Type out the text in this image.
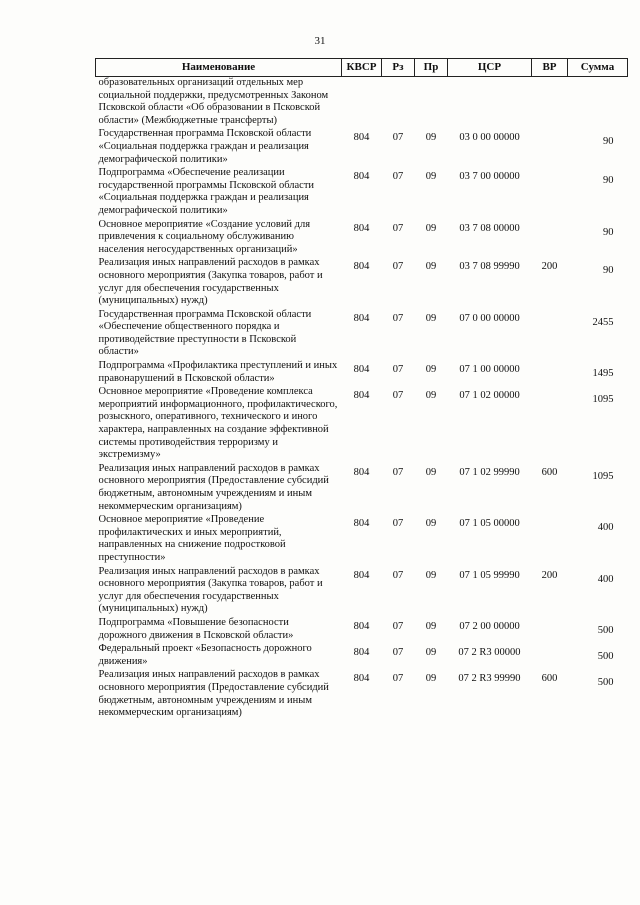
31
Наименование	КВСР	Рз	Пр	ЦСР	ВР	Сумма
образовательных организаций отдельных мер социальной поддержки, предусмотренных Законом Псковской области «Об образовании в Псковской области» (Межбюджетные трансферты)						
Государственная программа Псковской области «Социальная поддержка граждан и реализация демографической политики»	804	07	09	03 0 00 00000		90
Подпрограмма «Обеспечение реализации государственной программы Псковской области «Социальная поддержка граждан и реализация демографической политики»	804	07	09	03 7 00 00000		90
Основное мероприятие «Создание условий для привлечения к социальному обслуживанию населения негосударственных организаций»	804	07	09	03 7 08 00000		90
Реализация иных направлений расходов в рамках основного мероприятия (Закупка товаров, работ и услуг для обеспечения государственных (муниципальных) нужд)	804	07	09	03 7 08 99990	200	90
Государственная программа Псковской области «Обеспечение общественного порядка и противодействие преступности в Псковской области»	804	07	09	07 0 00 00000		2455
Подпрограмма «Профилактика преступлений и иных правонарушений в Псковской области»	804	07	09	07 1 00 00000		1495
Основное мероприятие «Проведение комплекса мероприятий информационного, профилактического, розыскного, оперативного, технического и иного характера, направленных на создание эффективной системы противодействия терроризму и экстремизму»	804	07	09	07 1 02 00000		1095
Реализация иных направлений расходов в рамках основного мероприятия (Предоставление субсидий бюджетным, автономным учреждениям и иным некоммерческим организациям)	804	07	09	07 1 02 99990	600	1095
Основное мероприятие «Проведение профилактических и иных мероприятий, направленных на снижение подростковой преступности»	804	07	09	07 1 05 00000		400
Реализация иных направлений расходов в рамках основного мероприятия (Закупка товаров, работ и услуг для обеспечения государственных (муниципальных) нужд)	804	07	09	07 1 05 99990	200	400
Подпрограмма «Повышение безопасности дорожного движения в Псковской области»	804	07	09	07 2 00 00000		500
Федеральный проект «Безопасность дорожного движения»	804	07	09	07 2 R3 00000		500
Реализация иных направлений расходов в рамках основного мероприятия (Предоставление субсидий бюджетным, автономным учреждениям и иным некоммерческим организациям)	804	07	09	07 2 R3 99990	600	500
